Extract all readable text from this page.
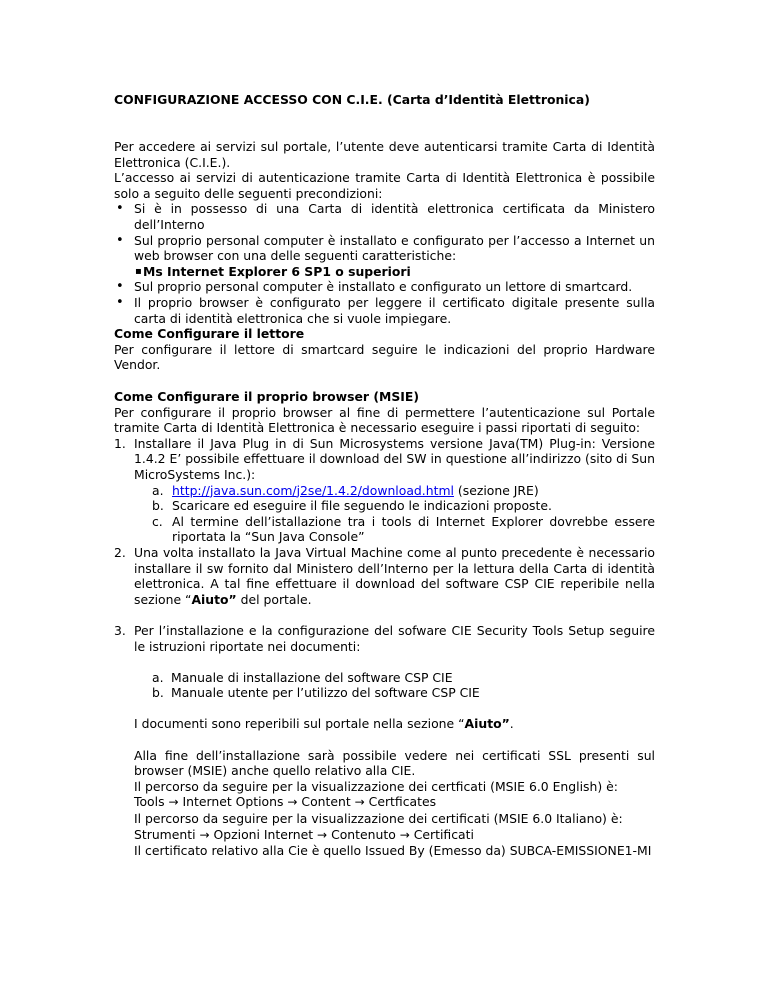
CONFIGURAZIONE ACCESSO CON C.I.E. (Carta d’Identità Elettronica)

Per accedere ai servizi sul portale, l’utente deve autenticarsi tramite Carta di Identità Elettronica (C.I.E.).

L’accesso ai servizi di autenticazione tramite Carta di Identità Elettronica è possibile solo a seguito delle seguenti precondizioni:

• Si è in possesso di una Carta di identità elettronica certificata da Ministero dell’Interno
• Sul proprio personal computer è installato e configurato per l’accesso a Internet un web browser con una delle seguenti caratteristiche:
▪ Ms Internet Explorer 6 SP1 o superiori
• Sul proprio personal computer è installato e configurato un lettore di smartcard.
• Il proprio browser è configurato per leggere il certificato digitale presente sulla carta di identità elettronica che si vuole impiegare.

Come Configurare il lettore

Per configurare il lettore di smartcard seguire le indicazioni del proprio Hardware Vendor.

Come Configurare il proprio browser (MSIE)

Per configurare il proprio browser al fine di permettere l’autenticazione sul Portale tramite Carta di Identità Elettronica è necessario eseguire i passi riportati di seguito:

1. Installare il Java Plug in di Sun Microsystems versione Java(TM) Plug-in: Versione 1.4.2 E’ possibile effettuare il download del SW in questione all’indirizzo (sito di Sun MicroSystems Inc.):
a. http://java.sun.com/j2se/1.4.2/download.html (sezione JRE)
b. Scaricare ed eseguire il file seguendo le indicazioni proposte.
c. Al termine dell’istallazione tra i tools di Internet Explorer dovrebbe essere riportata la “Sun Java Console”
2. Una volta installato la Java Virtual Machine come al punto precedente è necessario installare il sw fornito dal Ministero dell’Interno per la lettura della Carta di identità elettronica. A tal fine effettuare il download del software CSP CIE reperibile nella sezione “Aiuto” del portale.
3. Per l’installazione e la configurazione del sofware CIE Security Tools Setup seguire le istruzioni riportate nei documenti:
a. Manuale di installazione del software CSP CIE
b. Manuale utente per l’utilizzo del software CSP CIE

I documenti sono reperibili sul portale nella sezione “Aiuto”.

Alla fine dell’installazione sarà possibile vedere nei certificati SSL presenti sul browser (MSIE) anche quello relativo alla CIE.

Il percorso da seguire per la visualizzazione dei certficati (MSIE 6.0 English) è:

Tools → Internet Options → Content → Certficates

Il percorso da seguire per la visualizzazione dei certificati (MSIE 6.0 Italiano) è:

Strumenti → Opzioni Internet → Contenuto → Certificati

Il certificato relativo alla Cie è quello Issued By (Emesso da) SUBCA-EMISSIONE1-MI
